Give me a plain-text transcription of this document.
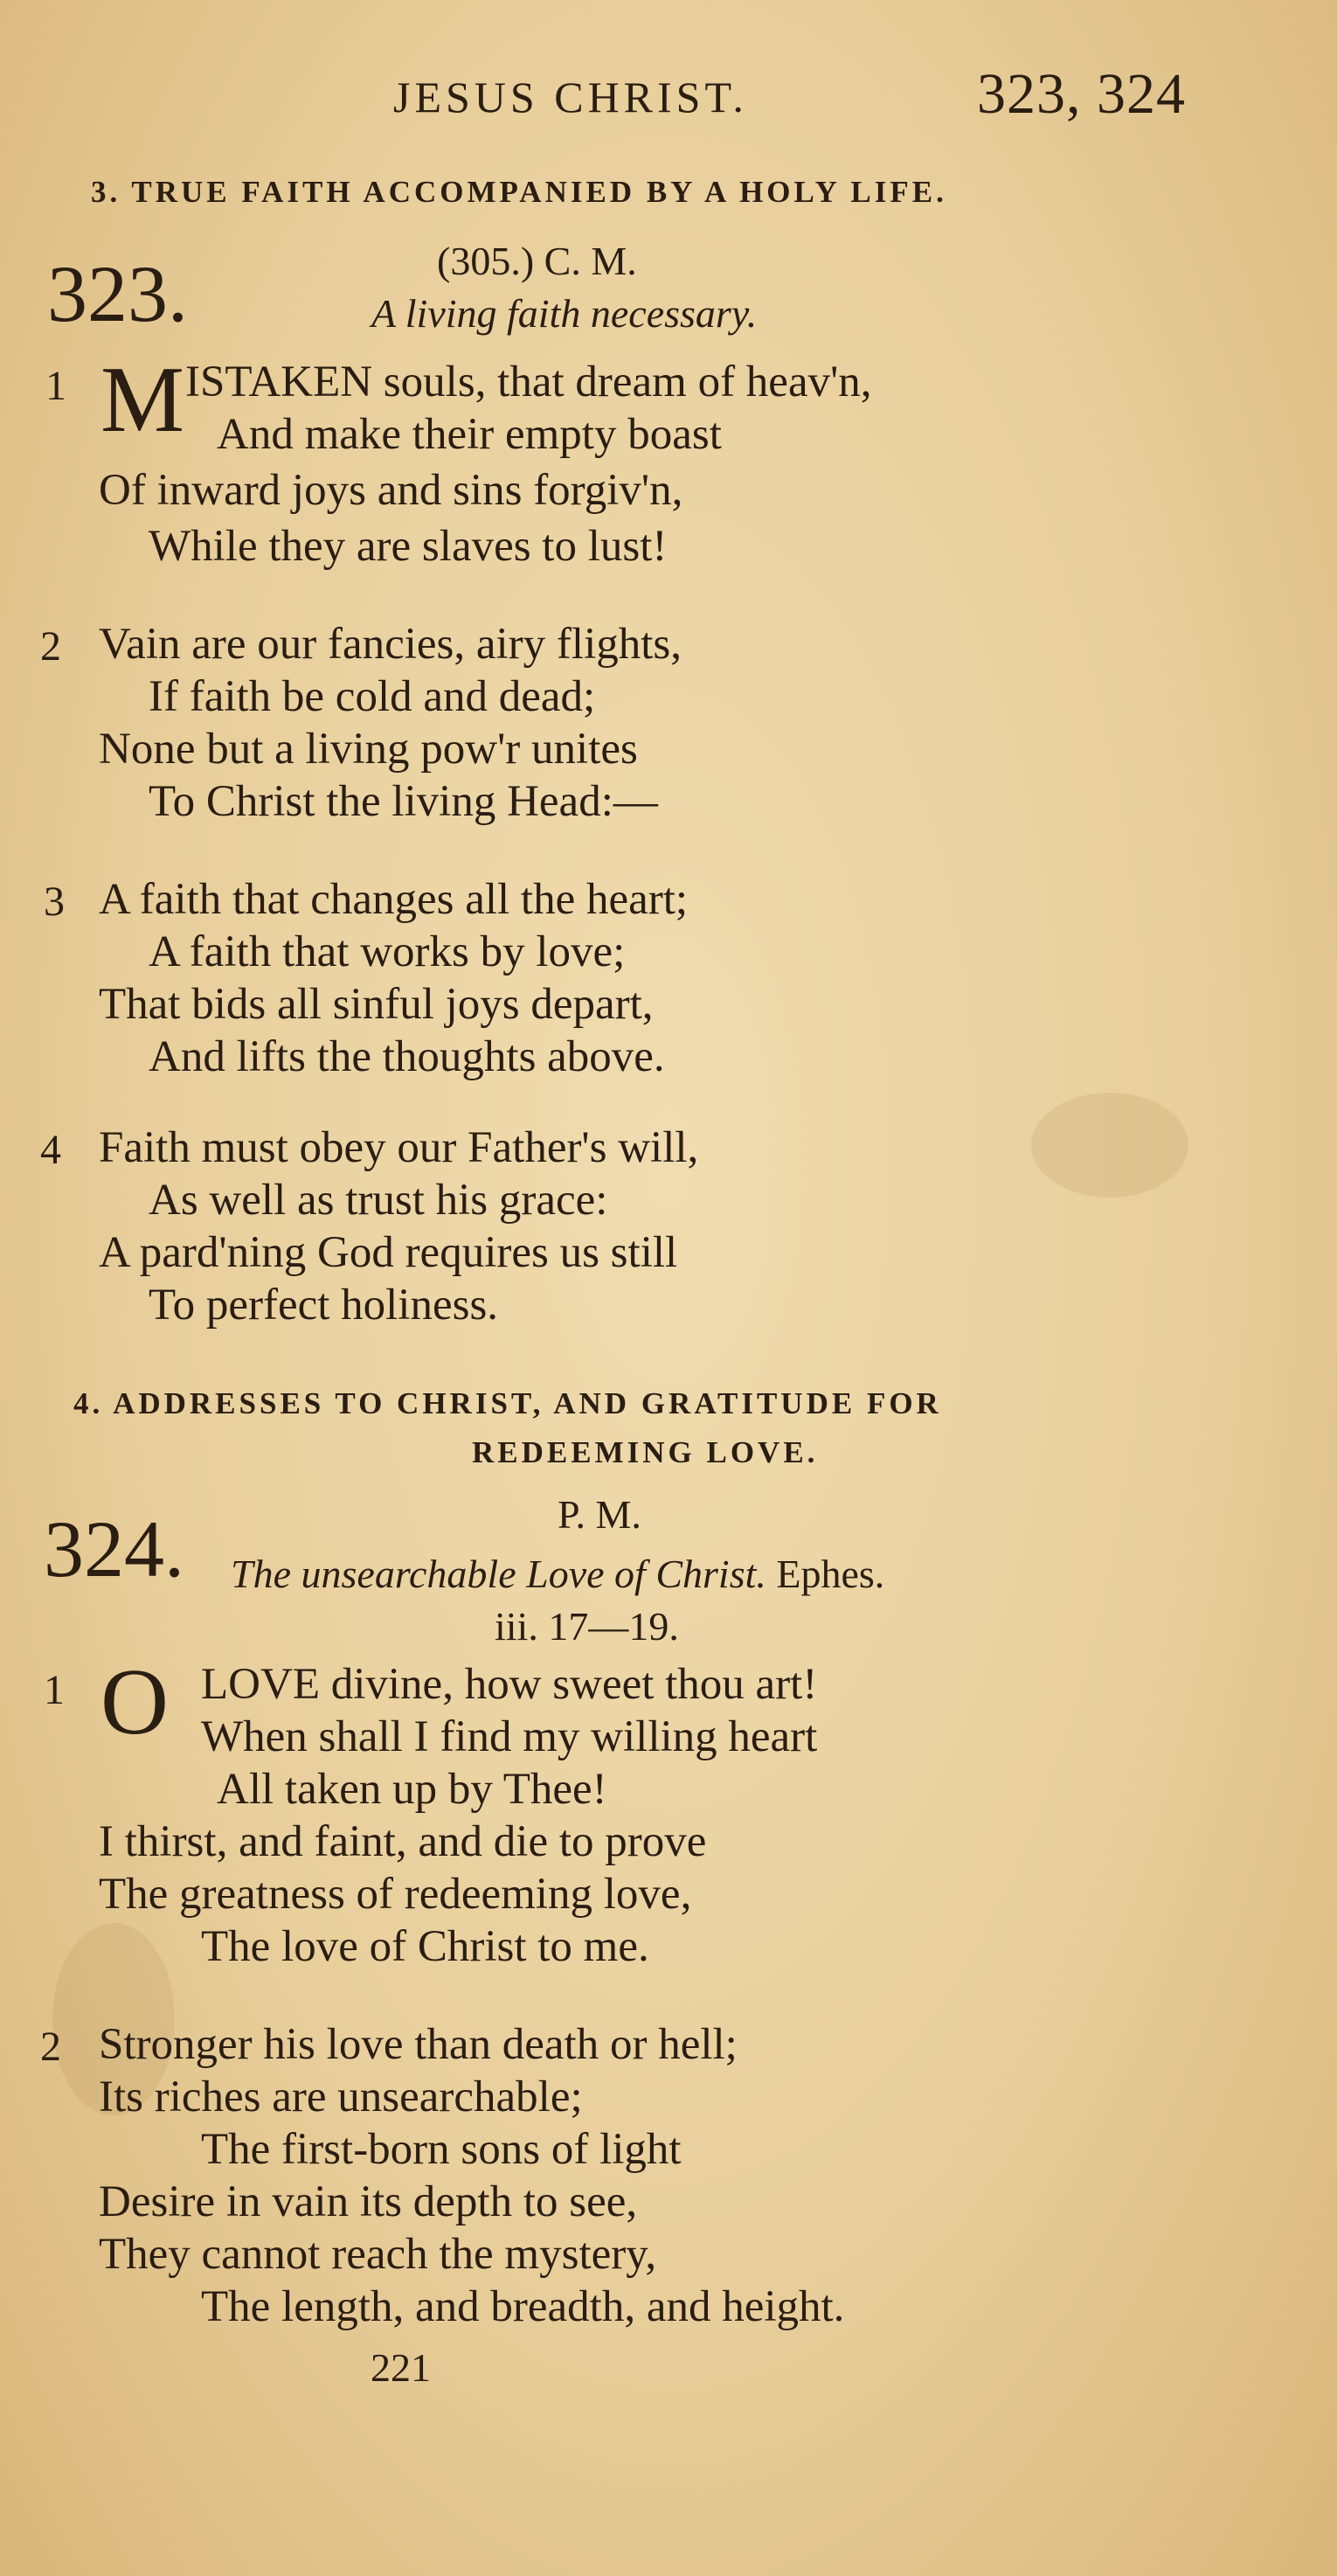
JESUS CHRIST.	323, 324
3. TRUE FAITH ACCOMPANIED BY A HOLY LIFE.
323.	(305.) C. M.
A living faith necessary.
1 M ISTAKEN souls, that dream of heav'n,
And make their empty boast
Of inward joys and sins forgiv'n,
While they are slaves to lust!
2 Vain are our fancies, airy flights,
If faith be cold and dead;
None but a living pow'r unites
To Christ the living Head:—
3 A faith that changes all the heart;
A faith that works by love;
That bids all sinful joys depart,
And lifts the thoughts above.
4 Faith must obey our Father's will,
As well as trust his grace:
A pard'ning God requires us still
To perfect holiness.
4. ADDRESSES TO CHRIST, AND GRATITUDE FOR
REDEEMING LOVE.
324.	P. M.
The unsearchable Love of Christ. Ephes.
iii. 17—19.
1 O LOVE divine, how sweet thou art!
When shall I find my willing heart
All taken up by Thee!
I thirst, and faint, and die to prove
The greatness of redeeming love,
The love of Christ to me.
2 Stronger his love than death or hell;
Its riches are unsearchable;
The first-born sons of light
Desire in vain its depth to see,
They cannot reach the mystery,
The length, and breadth, and height.
221
